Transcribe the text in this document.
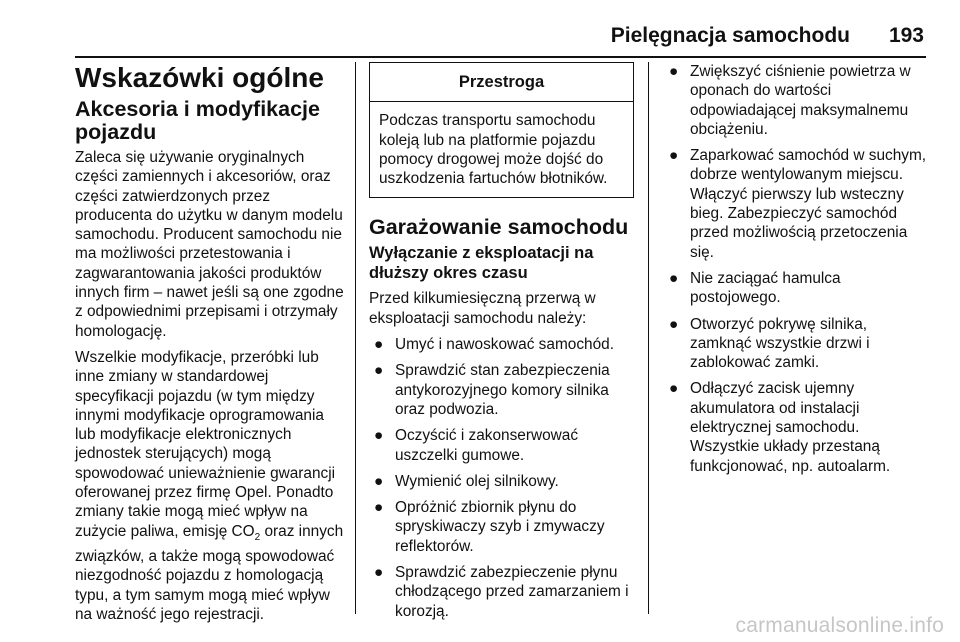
Pielęgnacja samochodu 193
Wskazówki ogólne
Akcesoria i modyfikacje pojazdu

Zaleca się używanie oryginalnych części zamiennych i akcesoriów, oraz części zatwierdzonych przez producenta do użytku w danym modelu samochodu. Producent samochodu nie ma możliwości przetestowania i zagwarantowania jakości produktów innych firm – nawet jeśli są one zgodne z odpowiednimi przepisami i otrzymały homologację.

Wszelkie modyfikacje, przeróbki lub inne zmiany w standardowej specyfikacji pojazdu (w tym między innymi modyfikacje oprogramowania lub modyfikacje elektronicznych jednostek sterujących) mogą spowodować unieważnienie gwarancji oferowanej przez firmę Opel. Ponadto zmiany takie mogą mieć wpływ na zużycie paliwa, emisję $CO_2$ oraz innych związków, a także mogą spowodować niezgodność pojazdu z homologacją typu, a tym samym mogą mieć wpływ na ważność jego rejestracji.

Przestroga
Podczas transportu samochodu koleją lub na platformie pojazdu pomocy drogowej może dojść do uszkodzenia fartuchów błotników.
Garażowanie samochodu
Wyłączanie z eksploatacji na dłuższy okres czasu

Przed kilkumiesięczną przerwą w eksploatacji samochodu należy:

● Umyć i nawoskować samochód.
● Sprawdzić stan zabezpieczenia antykorozyjnego komory silnika oraz podwozia.
● Oczyścić i zakonserwować uszczelki gumowe.
● Wymienić olej silnikowy.
● Opróżnić zbiornik płynu do spryskiwaczy szyb i zmywaczy reflektorów.
● Sprawdzić zabezpieczenie płynu chłodzącego przed zamarzaniem i korozją.
● Zwiększyć ciśnienie powietrza w oponach do wartości odpowiadającej maksymalnemu obciążeniu.
● Zaparkować samochód w suchym, dobrze wentylowanym miejscu. Włączyć pierwszy lub wsteczny bieg. Zabezpieczyć samochód przed możliwością przetoczenia się.
● Nie zaciągać hamulca postojowego.
● Otworzyć pokrywę silnika, zamknąć wszystkie drzwi i zablokować zamki.
● Odłączyć zacisk ujemny akumulatora od instalacji elektrycznej samochodu. Wszystkie układy przestaną funkcjonować, np. autoalarm.
carmanualsonline.info
